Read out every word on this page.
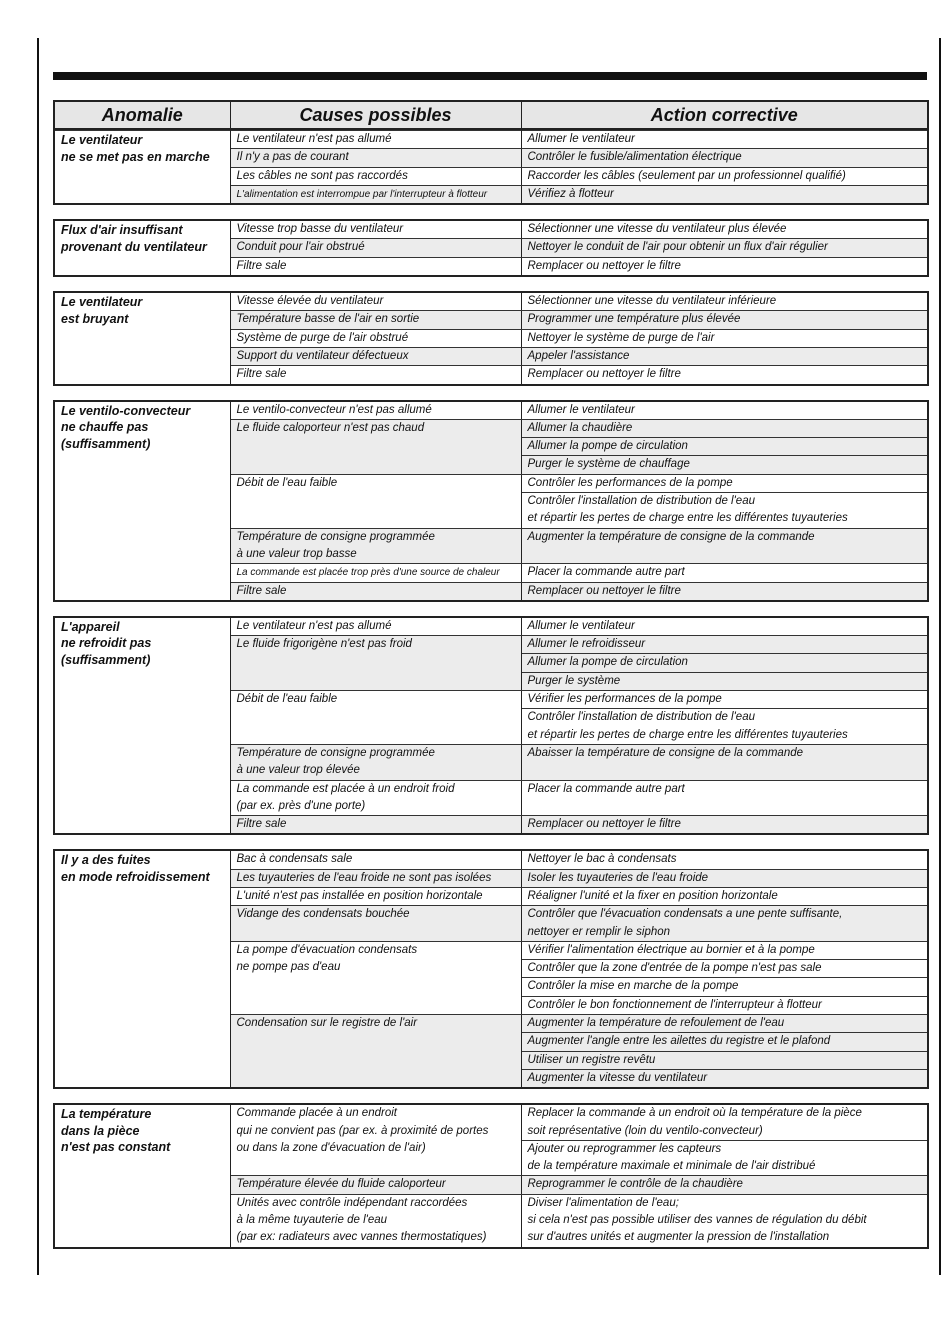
Anomalie	Causes possibles	Action corrective
Le ventilateur
ne se met pas en marche	Le ventilateur n'est pas allumé	Allumer le ventilateur
	Il n'y a pas de courant	Contrôler le fusible/alimentation électrique
	Les câbles ne sont pas raccordés	Raccorder les câbles (seulement par un professionnel qualifié)
	L'alimentation est interrompue par l'interrupteur à flotteur	Vérifiez à flotteur
Flux d'air insuffisant
provenant du ventilateur	Vitesse trop basse du ventilateur	Sélectionner une vitesse du ventilateur plus élevée
	Conduit pour l'air obstrué	Nettoyer le conduit de l'air pour obtenir un flux d'air régulier
	Filtre sale	Remplacer ou nettoyer le filtre
Le ventilateur
est bruyant	Vitesse élevée du ventilateur	Sélectionner une vitesse du ventilateur inférieure
	Température basse de l'air en sortie	Programmer une température plus élevée
	Système de purge de l'air obstrué	Nettoyer le système de purge de l'air
	Support du ventilateur défectueux	Appeler l'assistance
	Filtre sale	Remplacer ou nettoyer le filtre
Le ventilo-convecteur
ne chauffe pas
(suffisamment)	Le ventilo-convecteur n'est pas allumé	Allumer le ventilateur
	Le fluide caloporteur n'est pas chaud	Allumer la chaudière
		Allumer la pompe de circulation
		Purger le système de chauffage
	Débit de l'eau faible	Contrôler les performances de la pompe
		Contrôler l'installation de distribution de l'eau
et répartir les pertes de charge entre les différentes tuyauteries
	Température de consigne programmée
à une valeur trop basse	Augmenter la température de consigne de la commande
	La commande est placée trop près d'une source de chaleur	Placer la commande autre part
	Filtre sale	Remplacer ou nettoyer le filtre
L'appareil
ne refroidit pas
(suffisamment)	Le ventilateur n'est pas allumé	Allumer le ventilateur
	Le fluide frigorigène n'est pas froid	Allumer le refroidisseur
		Allumer la pompe de circulation
		Purger le système
	Débit de l'eau faible	Vérifier les performances de la pompe
		Contrôler l'installation de distribution de l'eau
et répartir les pertes de charge entre les différentes tuyauteries
	Température de consigne programmée
à une valeur trop élevée	Abaisser la température de consigne de la commande
	La commande est placée à un endroit froid
(par ex. près d'une porte)	Placer la commande autre part
	Filtre sale	Remplacer ou nettoyer le filtre
Il y a des fuites
en mode refroidissement	Bac à condensats sale	Nettoyer le bac à condensats
	Les tuyauteries de l'eau froide ne sont pas isolées	Isoler les tuyauteries de l'eau froide
	L'unité n'est pas installée en position horizontale	Réaligner l'unité et la fixer en position horizontale
	Vidange des condensats bouchée	Contrôler que l'évacuation condensats a une pente suffisante,
nettoyer er remplir le siphon
	La pompe d'évacuation condensats
ne pompe pas d'eau	Vérifier l'alimentation électrique au bornier et à la pompe
		Contrôler que la zone d'entrée de la pompe n'est pas sale
		Contrôler la mise en marche de la pompe
		Contrôler le bon fonctionnement de l'interrupteur à flotteur
	Condensation sur le registre de l'air	Augmenter la température de refoulement de l'eau
		Augmenter l'angle entre les ailettes du registre et le plafond
		Utiliser un registre revêtu
		Augmenter la vitesse du ventilateur
La température
dans la pièce
n'est pas constant	Commande placée à un endroit
qui ne convient pas (par ex. à proximité de portes
ou dans la zone d'évacuation de l'air)	Replacer la commande à un endroit où la température de la pièce
soit représentative (loin du ventilo-convecteur)
		Ajouter ou reprogrammer les capteurs
de la température maximale et minimale de l'air distribué
	Température élevée du fluide caloporteur	Reprogrammer le contrôle de la chaudière
	Unités avec contrôle indépendant raccordées
à la même tuyauterie de l'eau
(par ex: radiateurs avec vannes thermostatiques)	Diviser l'alimentation de l'eau;
si cela n'est pas possible utiliser des vannes de régulation du débit
sur d'autres unités et augmenter la pression de l'installation
